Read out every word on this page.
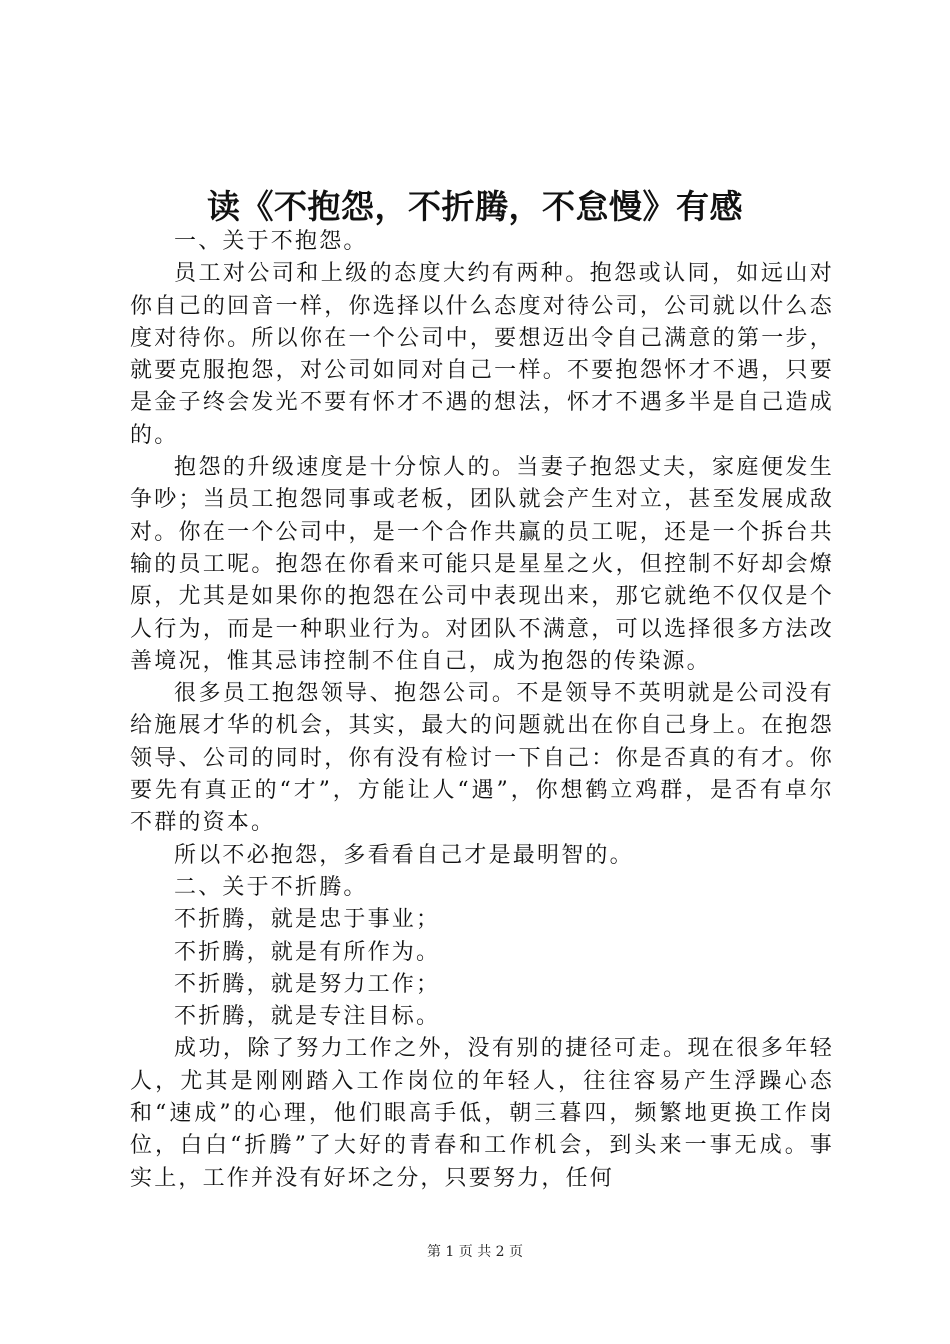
读《不抱怨，不折腾，不怠慢》有感

一、关于不抱怨。

员工对公司和上级的态度大约有两种。抱怨或认同，如远山对你自己的回音一样，你选择以什么态度对待公司，公司就以什么态度对待你。所以你在一个公司中，要想迈出令自己满意的第一步，就要克服抱怨，对公司如同对自己一样。不要抱怨怀才不遇，只要是金子终会发光不要有怀才不遇的想法，怀才不遇多半是自己造成的。

抱怨的升级速度是十分惊人的。当妻子抱怨丈夫，家庭便发生争吵；当员工抱怨同事或老板，团队就会产生对立，甚至发展成敌对。你在一个公司中，是一个合作共赢的员工呢，还是一个拆台共输的员工呢。抱怨在你看来可能只是星星之火，但控制不好却会燎原，尤其是如果你的抱怨在公司中表现出来，那它就绝不仅仅是个人行为，而是一种职业行为。对团队不满意，可以选择很多方法改善境况，惟其忌讳控制不住自己，成为抱怨的传染源。

很多员工抱怨领导、抱怨公司。不是领导不英明就是公司没有给施展才华的机会，其实，最大的问题就出在你自己身上。在抱怨领导、公司的同时，你有没有检讨一下自己：你是否真的有才。你要先有真正的“才”，方能让人“遇”，你想鹤立鸡群，是否有卓尔不群的资本。

所以不必抱怨，多看看自己才是最明智的。

二、关于不折腾。

不折腾，就是忠于事业；

不折腾，就是有所作为。

不折腾，就是努力工作；

不折腾，就是专注目标。

成功，除了努力工作之外，没有别的捷径可走。现在很多年轻人，尤其是刚刚踏入工作岗位的年轻人，往往容易产生浮躁心态和“速成”的心理，他们眼高手低，朝三暮四，频繁地更换工作岗位，白白“折腾”了大好的青春和工作机会，到头来一事无成。事实上，工作并没有好坏之分，只要努力，任何

第 1 页 共 2 页
